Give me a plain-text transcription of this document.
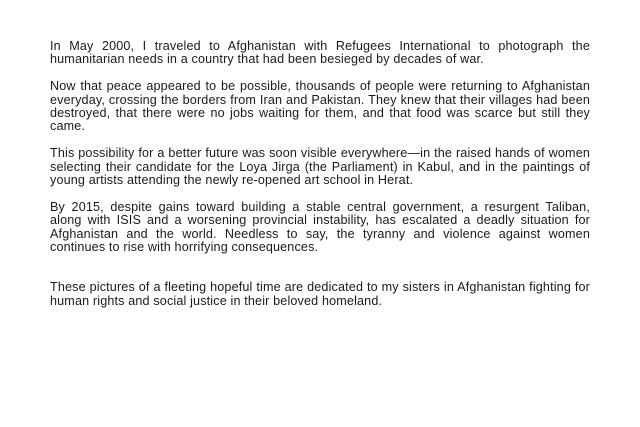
In May 2000, I traveled to Afghanistan with Refugees International to photograph the humanitarian needs in a country that had been besieged by decades of war.

Now that peace appeared to be possible, thousands of people were returning to Afghanistan everyday, crossing the borders from Iran and Pakistan. They knew that their villages had been destroyed, that there were no jobs waiting for them, and that food was scarce but still they came.

This possibility for a better future was soon visible everywhere—in the raised hands of women selecting their candidate for the Loya Jirga (the Parliament) in Kabul, and in the paintings of young artists attending the newly re-opened art school in Herat.

By 2015, despite gains toward building a stable central government, a resurgent Taliban, along with ISIS and a worsening provincial instability, has escalated a deadly situation for Afghanistan and the world. Needless to say, the tyranny and violence against women continues to rise with horrifying consequences.

These pictures of a fleeting hopeful time are dedicated to my sisters in Afghanistan fighting for human rights and social justice in their beloved homeland.
